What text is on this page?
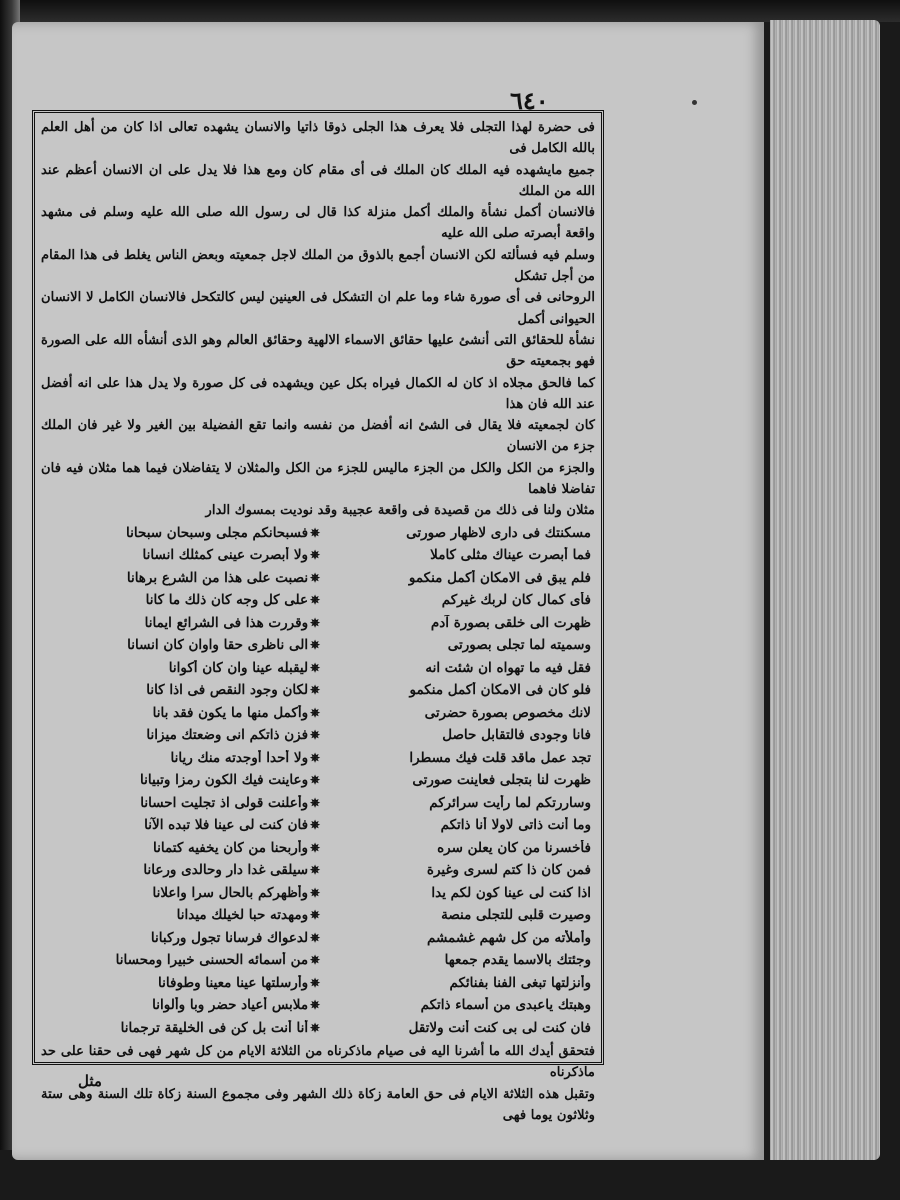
٦٤٠

فى حضرة لهذا التجلى فلا يعرف هذا الجلى ذوقا ذاتيا والانسان يشهده تعالى اذا كان من أهل العلم بالله الكامل فى

جميع مايشهده فيه الملك كان الملك فى أى مقام كان ومع هذا فلا يدل على ان الانسان أعظم عند الله من الملك

فالانسان أكمل نشأة والملك أكمل منزلة كذا قال لى رسول الله صلى الله عليه وسلم فى مشهد واقعة أبصرته صلى الله عليه

وسلم فيه فسألته لكن الانسان أجمع بالذوق من الملك لاجل جمعيته وبعض الناس يغلط فى هذا المقام من أجل تشكل

الروحانى فى أى صورة شاء وما علم ان التشكل فى العينين ليس كالتكحل فالانسان الكامل لا الانسان الحيوانى أكمل

نشأة للحقائق التى أنشئ عليها حقائق الاسماء الالهية وحقائق العالم وهو الذى أنشأه الله على الصورة فهو بجمعيته حق

كما فالحق مجلاه اذ كان له الكمال فيراه بكل عين ويشهده فى كل صورة ولا يدل هذا على انه أفضل عند الله فان هذا

كان لجمعيته فلا يقال فى الشئ انه أفضل من نفسه وانما تقع الفضيلة بين الغير ولا غير فان الملك جزء من الانسان

والجزء من الكل والكل من الجزء ماليس للجزء من الكل والمثلان لا يتفاضلان فيما هما مثلان فيه فان تفاضلا فاهما

مثلان ولنا فى ذلك من قصيدة فى واقعة عجيبة وقد نوديت بمسوك الدار

مسكنتك فى دارى لاظهار صورتى
✵
فسبحانكم مجلى وسبحان سبحانا
فما أبصرت عيناك مثلى كاملا
✵
ولا أبصرت عينى كمثلك انسانا
فلم يبق فى الامكان أكمل منكمو
✵
نصبت على هذا من الشرع برهانا
فأى كمال كان لربك غيركم
✵
على كل وجه كان ذلك ما كانا
ظهرت الى خلقى بصورة آدم
✵
وقررت هذا فى الشرائع ايمانا
وسميته لما تجلى بصورتى
✵
الى ناظرى حقا واوان كان انسانا
فقل فيه ما تهواه ان شئت انه
✵
ليقبله عينا وان كان أكوانا
فلو كان فى الامكان أكمل منكمو
✵
لكان وجود النقص فى اذا كانا
لانك مخصوص بصورة حضرتى
✵
وأكمل منها ما يكون فقد بانا
فانا وجودى فالتقابل حاصل
✵
فزن ذاتكم انى وضعتك ميزانا
تجد عمل ماقد قلت فيك مسطرا
✵
ولا أحدا أوجدته منك ريانا
ظهرت لنا بتجلى فعاينت صورتى
✵
وعاينت فيك الكون رمزا وتبيانا
وساررتكم لما رأيت سرائركم
✵
وأعلنت قولى اذ تجليت احسانا
وما أنت ذاتى لاولا أنا ذاتكم
✵
فان كنت لى عينا فلا تبده الآنا
فأخسرنا من كان يعلن سره
✵
وأربحنا من كان يخفيه كتمانا
فمن كان ذا كتم لسرى وغيرة
✵
سيلقى غدا دار وحالدى ورعانا
اذا كنت لى عينا كون لكم يدا
✵
وأظهركم بالحال سرا واعلانا
وصيرت قلبى للتجلى منصة
✵
ومهدته حبا لخيلك ميدانا
وأملأته من كل شهم غشمشم
✵
لدعواك فرسانا تجول وركبانا
وجئتك بالاسما يقدم جمعها
✵
من أسمائه الحسنى خبيرا ومحسانا
وأنزلتها تبغى الفنا بفنائكم
✵
وأرسلتها عينا معينا وطوفانا
وهبتك ياعبدى من أسماء ذاتكم
✵
ملابس أعياد حضر وبا وألوانا
فان كنت لى بى كنت أنت ولاتقل
✵
أنا أنت بل كن فى الخليقة ترجمانا

فتحقق أيدك الله ما أشرنا اليه فى صيام ماذكرناه من الثلاثة الايام من كل شهر فهى فى حقنا على حد ماذكرناه

وتقبل هذه الثلاثة الايام فى حق العامة زكاة ذلك الشهر وفى مجموع السنة زكاة تلك السنة وهى ستة وثلاثون يوما فهى

مثل
